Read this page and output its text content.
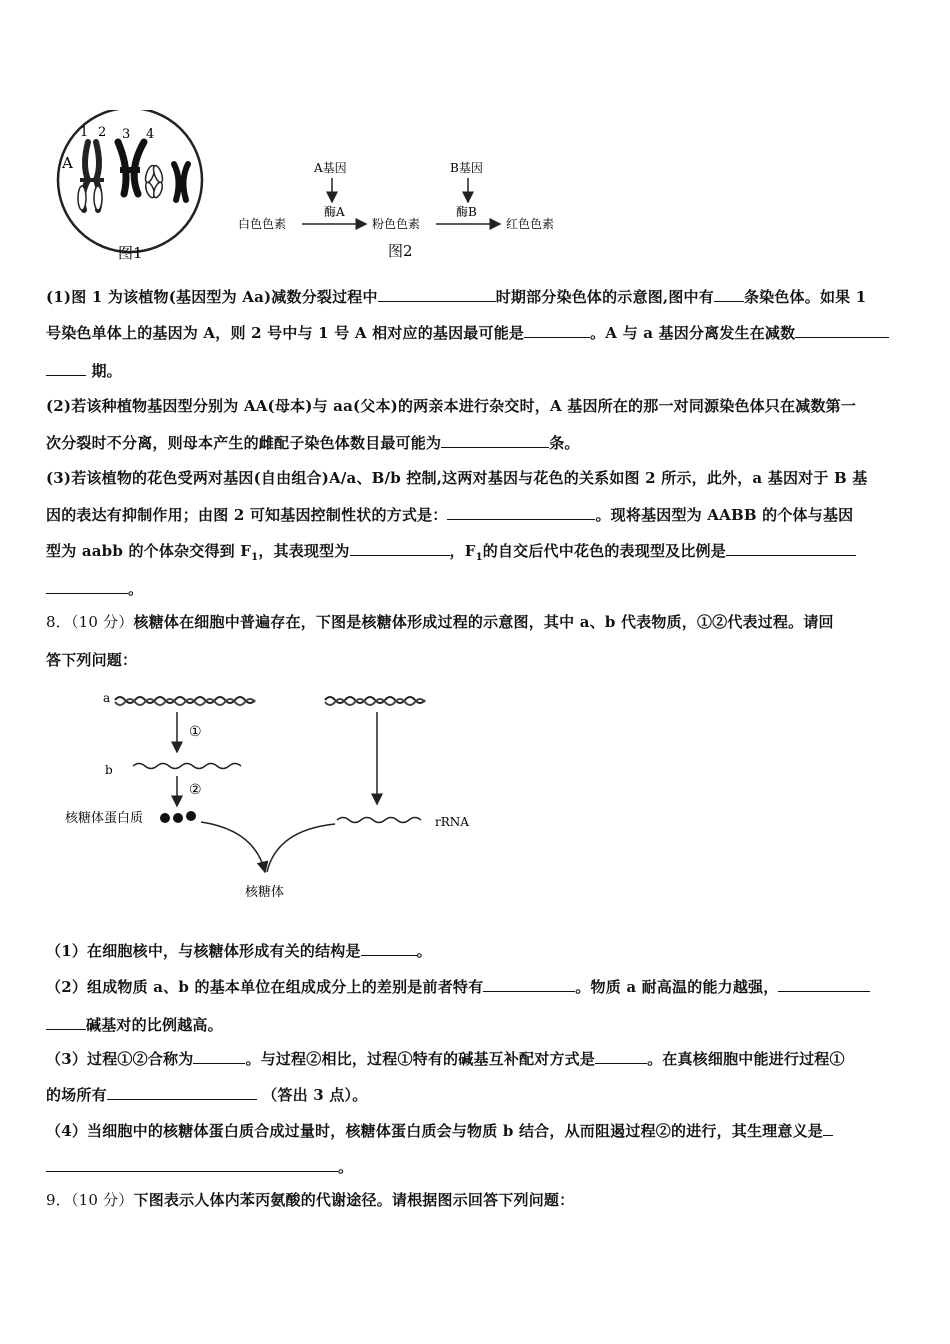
A
1 2 3 4
图1
A基因
酶A
B基因
酶B
白色色素	粉色色素	红色色素
图2
(1)图 1 为该植物(基因型为 Aa)减数分裂过程中	时期部分染色体的示意图,图中有 条染色体。如果 1
号染色单体上的基因为 A，则 2 号中与 1 号 A 相对应的基因最可能是	。A 与 a 基因分离发生在减数
期。
(2)若该种植物基因型分别为 AA(母本)与 aa(父本)的两亲本进行杂交时，A 基因所在的那一对同源染色体只在减数第一
次分裂时不分离，则母本产生的雌配子染色体数目最可能为	条。
(3)若该植物的花色受两对基因(自由组合)A/a、B/b 控制,这两对基因与花色的关系如图 2 所示，此外，a 基因对于 B 基
因的表达有抑制作用；由图 2 可知基因控制性状的方式是：	。现将基因型为 AABB 的个体与基因
型为 aabb 的个体杂交得到 $F_1$，其表现型为	，$F_1$的自交后代中花色的表现型及比例是
。
8．（10 分）核糖体在细胞中普遍存在，下图是核糖体形成过程的示意图，其中 a、b 代表物质，①②代表过程。请回
答下列问题：
a
①
b
②
核糖体蛋白质	rRNA
核糖体
（1）在细胞核中，与核糖体形成有关的结构是	。
（2）组成物质 a、b 的基本单位在组成成分上的差别是前者特有	。物质 a 耐高温的能力越强，
碱基对的比例越高。
（3）过程①②合称为	。与过程②相比，过程①特有的碱基互补配对方式是	。在真核细胞中能进行过程①
的场所有	（答出 3 点）。
（4）当细胞中的核糖体蛋白质合成过量时，核糖体蛋白质会与物质 b 结合，从而阻遏过程②的进行，其生理意义是
。
9．（10 分）下图表示人体内苯丙氨酸的代谢途径。请根据图示回答下列问题：
